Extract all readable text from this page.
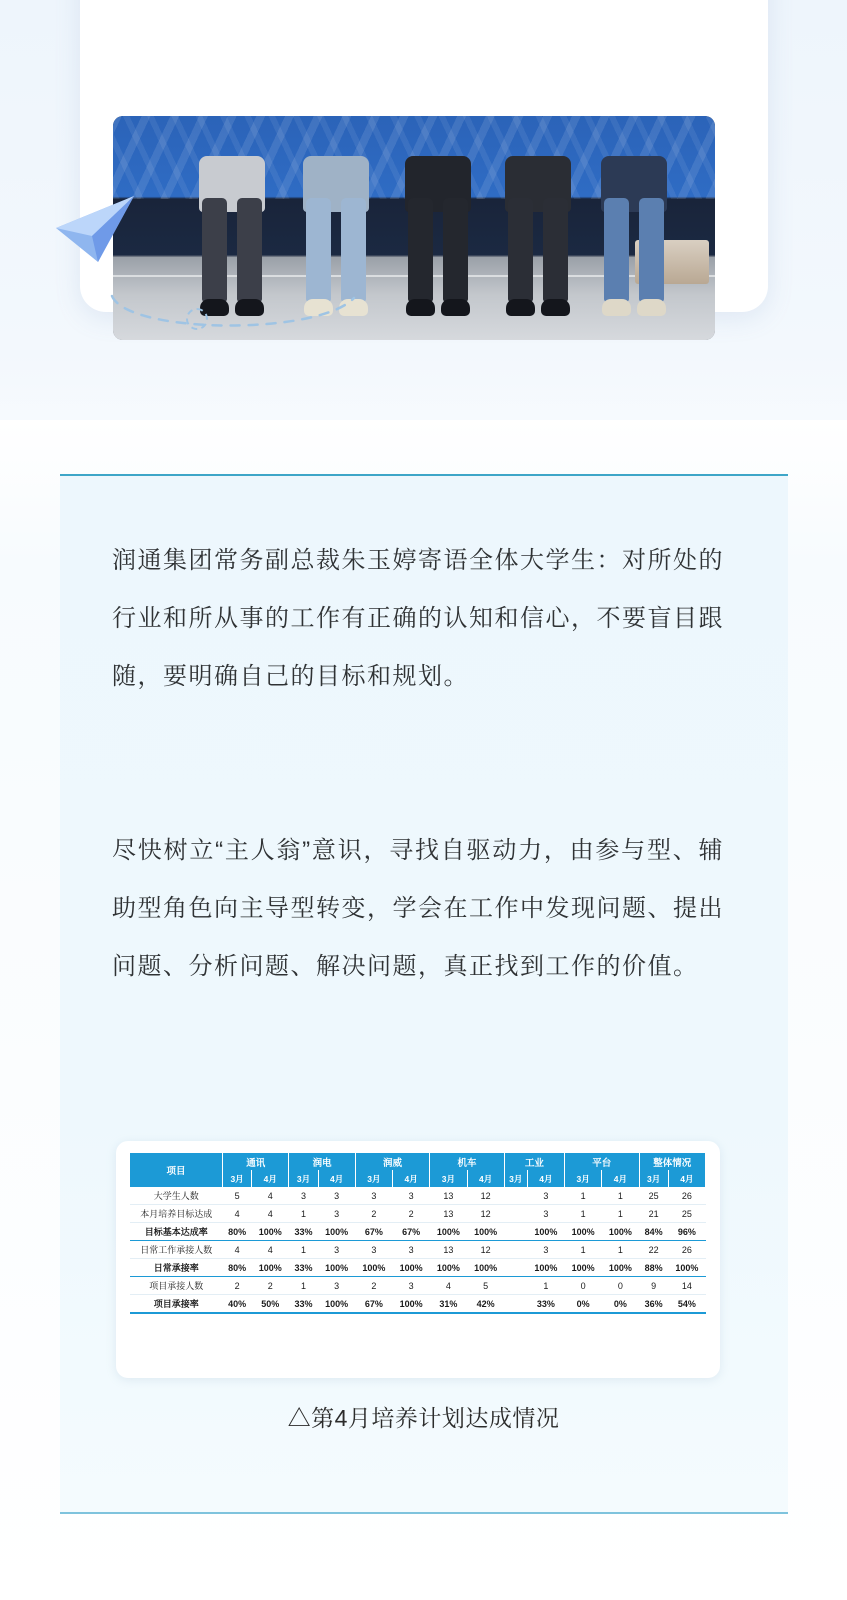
润通集团常务副总裁朱玉婷寄语全体大学生：对所处的行业和所从事的工作有正确的认知和信心，不要盲目跟随，要明确自己的目标和规划。
尽快树立“主人翁”意识，寻找自驱动力，由参与型、辅助型角色向主导型转变，学会在工作中发现问题、提出问题、分析问题、解决问题，真正找到工作的价值。
项目	通讯		润电		润威		机车		工业		平台		整体情况	
	3月	4月	3月	4月	3月	4月	3月	4月	3月	4月	3月	4月	3月	4月
大学生人数	5	4	3	3	3	3	13	12		3	1	1	25	26
本月培养目标达成	4	4	1	3	2	2	13	12		3	1	1	21	25
目标基本达成率	80%	100%	33%	100%	67%	67%	100%	100%		100%	100%	100%	84%	96%
日常工作承接人数	4	4	1	3	3	3	13	12		3	1	1	22	26
日常承接率	80%	100%	33%	100%	100%	100%	100%	100%		100%	100%	100%	88%	100%
项目承接人数	2	2	1	3	2	3	4	5		1	0	0	9	14
项目承接率	40%	50%	33%	100%	67%	100%	31%	42%		33%	0%	0%	36%	54%
△第4月培养计划达成情况
